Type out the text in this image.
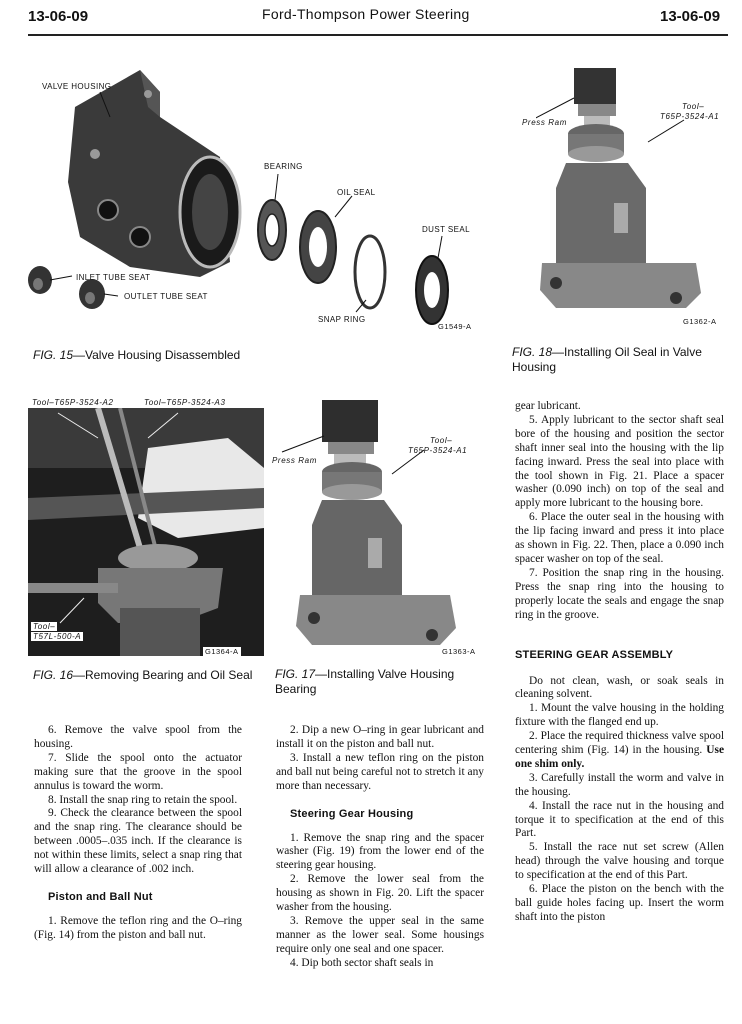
13-06-09	Ford-Thompson Power Steering	13-06-09
VALVE HOUSING
BEARING
OIL SEAL
DUST SEAL
INLET TUBE SEAT
OUTLET TUBE SEAT
SNAP RING
G1549-A
FIG. 15—Valve Housing Disassembled
Press Ram
Tool–
T65P-3524-A1
G1362-A
FIG. 18—Installing Oil Seal in Valve Housing
Tool–T65P-3524-A2	Tool–T65P-3524-A3
Tool–
T57L-500-A
G1364-A
FIG. 16—Removing Bearing and Oil Seal
Press Ram
Tool–
T65P-3524-A1
G1363-A
FIG. 17—Installing Valve Housing Bearing

6. Remove the valve spool from the housing.

7. Slide the spool onto the actuator making sure that the groove in the spool annulus is toward the worm.

8. Install the snap ring to retain the spool.

9. Check the clearance between the spool and the snap ring. The clearance should be between .0005–.035 inch. If the clearance is not within these limits, select a snap ring that will allow a clearance of .002 inch.

Piston and Ball Nut

1. Remove the teflon ring and the O–ring (Fig. 14) from the piston and ball nut.

2. Dip a new O–ring in gear lubricant and install it on the piston and ball nut.

3. Install a new teflon ring on the piston and ball nut being careful not to stretch it any more than necessary.

Steering Gear Housing

1. Remove the snap ring and the spacer washer (Fig. 19) from the lower end of the steering gear housing.

2. Remove the lower seal from the housing as shown in Fig. 20. Lift the spacer washer from the housing.

3. Remove the upper seal in the same manner as the lower seal. Some housings require only one seal and one spacer.

4. Dip both sector shaft seals in

gear lubricant.

5. Apply lubricant to the sector shaft seal bore of the housing and position the sector shaft inner seal into the housing with the lip facing inward. Press the seal into place with the tool shown in Fig. 21. Place a spacer washer (0.090 inch) on top of the seal and apply more lubricant to the housing bore.

6. Place the outer seal in the housing with the lip facing inward and press it into place as shown in Fig. 22. Then, place a 0.090 inch spacer washer on top of the seal.

7. Position the snap ring in the housing. Press the snap ring into the housing to properly locate the seals and engage the snap ring in the groove.

STEERING GEAR ASSEMBLY

Do not clean, wash, or soak seals in cleaning solvent.

1. Mount the valve housing in the holding fixture with the flanged end up.

2. Place the required thickness valve spool centering shim (Fig. 14) in the housing. Use one shim only.

3. Carefully install the worm and valve in the housing.

4. Install the race nut in the housing and torque it to specification at the end of this Part.

5. Install the race nut set screw (Allen head) through the valve housing and torque to specification at the end of this Part.

6. Place the piston on the bench with the ball guide holes facing up. Insert the worm shaft into the piston
